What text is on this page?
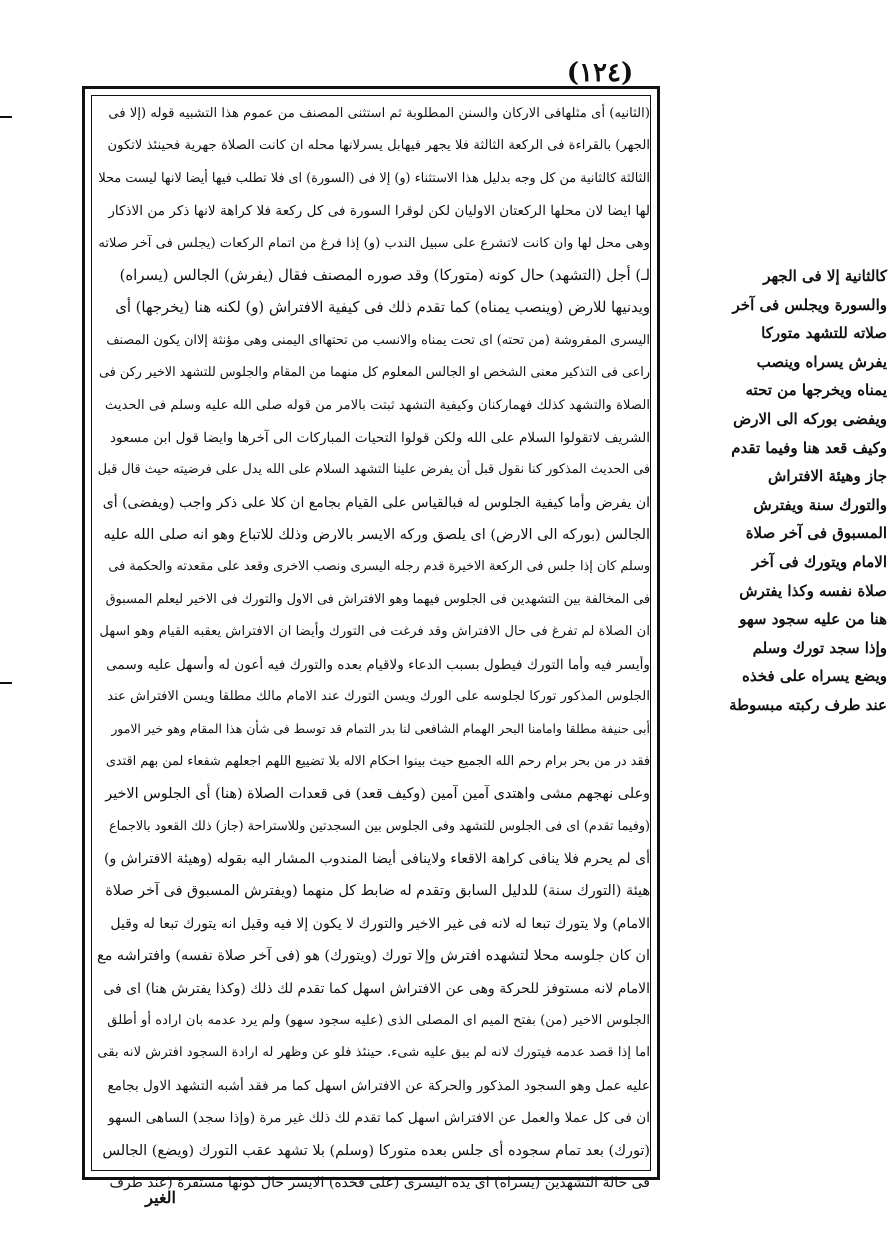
(١٢٤)
(الثانيه) أى مثلهافى الاركان والسنن المطلوبة ثم استثنى المصنف من عموم هذا التشبيه قوله (إلا فى
الجهر) بالقراءة فى الركعة الثالثة فلا يجهر فيهابل يسرلانها محله ان كانت الصلاة جهرية فحينئذ لاتكون
الثالثة كالثانية من كل وجه بدليل هذا الاستثناء (و) إلا فى (السورة) اى فلا تطلب فيها أيضا لانها ليست محلا
لها ايضا لان محلها الركعتان الاوليان لكن لوقرا السورة فى كل ركعة فلا كراهة لانها ذكر من الاذكار
وهى محل لها وان كانت لاتشرع على سبيل الندب (و) إذا فرغ من اتمام الركعات (يجلس فى آخر صلاته
لـ) أجل (التشهد) حال كونه (متوركا) وقد صوره المصنف فقال (يفرش) الجالس (يسراه)
ويدنيها للارض (وينصب يمناه) كما تقدم ذلك فى كيفية الافتراش (و) لكنه هنا (يخرجها) أى
اليسرى المفروشة (من تحته) اى تحت يمناه والانسب من تحتهااى اليمنى وهى مؤنثة إلاان يكون المصنف
راعى فى التذكير معنى الشخص او الجالس المعلوم كل منهما من المقام والجلوس للتشهد الاخير ركن فى
الصلاة والتشهد كذلك فهماركنان وكيفية التشهد ثبتت بالامر من قوله صلى الله عليه وسلم فى الحديث
الشريف لاتقولوا السلام على الله ولكن قولوا التحيات المباركات الى آخرها وايضا قول ابن مسعود
فى الحديث المذكور كنا نقول قبل أن يفرض علينا التشهد السلام على الله يدل على فرضيته حيث قال قبل
ان يفرض وأما كيفية الجلوس له فبالقياس على القيام بجامع ان كلا على ذكر واجب (ويفضى) أى
الجالس (بوركه الى الارض) اى يلصق وركه الايسر بالارض وذلك للاتباع وهو انه صلى الله عليه
وسلم كان إذا جلس فى الركعة الاخيرة قدم رجله اليسرى ونصب الاخرى وقعد على مقعدته والحكمة فى
فى المخالفة بين التشهدين فى الجلوس فيهما وهو الافتراش فى الاول والتورك فى الاخير ليعلم المسبوق
ان الصلاة لم تفرغ فى حال الافتراش وقد فرغت فى التورك وأيضا ان الافتراش يعقبه القيام وهو اسهل
وأيسر فيه وأما التورك فيطول بسبب الدعاء ولاقيام بعده والتورك فيه أعون له وأسهل عليه وسمى
الجلوس المذكور توركا لجلوسه على الورك ويسن التورك عند الامام مالك مطلقا ويسن الافتراش عند
أبى حنيفة مطلقا وامامنا البحر الهمام الشافعى لنا بدر التمام قد توسط فى شأن هذا المقام وهو خير الامور
فقد در من بحر برام رحم الله الجميع حيث بينوا احكام الاله بلا تضييع اللهم اجعلهم شفعاء لمن بهم اقتدى
وعلى نهجهم مشى واهتدى آمين آمين (وكيف قعد) فى قعدات الصلاة (هنا) أى الجلوس الاخير
(وفيما تقدم) اى فى الجلوس للتشهد وفى الجلوس بين السجدتين وللاستراحة (جاز) ذلك القعود بالاجماع
أى لم يحرم فلا ينافى كراهة الاقعاء ولاينافى أيضا المندوب المشار اليه بقوله (وهيئة الافتراش و)
هيئة (التورك سنة) للدليل السابق وتقدم له ضابط كل منهما (ويفترش المسبوق فى آخر صلاة
الامام) ولا يتورك تبعا له لانه فى غير الاخير والتورك لا يكون إلا فيه وقيل انه يتورك تبعا له وقيل
ان كان جلوسه محلا لتشهده افترش وإلا تورك (ويتورك) هو (فى آخر صلاة نفسه) وافتراشه مع
الامام لانه مستوفز للحركة وهى عن الافتراش اسهل كما تقدم لك ذلك (وكذا يفترش هنا) اى فى
الجلوس الاخير (من) بفتح الميم اى المصلى الذى (عليه سجود سهو) ولم يرد عدمه بان اراده أو أطلق
اما إذا قصد عدمه فيتورك لانه لم يبق عليه شىء. حينئذ فلو عن وظهر له ارادة السجود افترش لانه بقى
عليه عمل وهو السجود المذكور والحركة عن الافتراش اسهل كما مر فقد أشبه التشهد الاول بجامع
ان فى كل عملا والعمل عن الافتراش اسهل كما تقدم لك ذلك غير مرة (وإذا سجد) الساهى السهو
(تورك) بعد تمام سجوده أى جلس بعده متوركا (وسلم) بلا تشهد عقب التورك (ويضع) الجالس
فى حالة التشهدين (يسراه) اى يده اليسرى (على فخذه) الايسر حال كونها مستقرة (عند طرف
كالثانية إلا فى الجهر
والسورة ويجلس فى آخر
صلاته للتشهد متوركا
يفرش يسراه وينصب
يمناه ويخرجها من تحته
ويفضى بوركه الى الارض
وكيف قعد هنا وفيما تقدم
جاز وهيئة الافتراش
والتورك سنة ويفترش
المسبوق فى آخر صلاة
الامام ويتورك فى آخر
صلاة نفسه وكذا يفترش
هنا من عليه سجود سهو
وإذا سجد تورك وسلم
ويضع يسراه على فخذه
عند طرف ركبته مبسوطة
الغير
